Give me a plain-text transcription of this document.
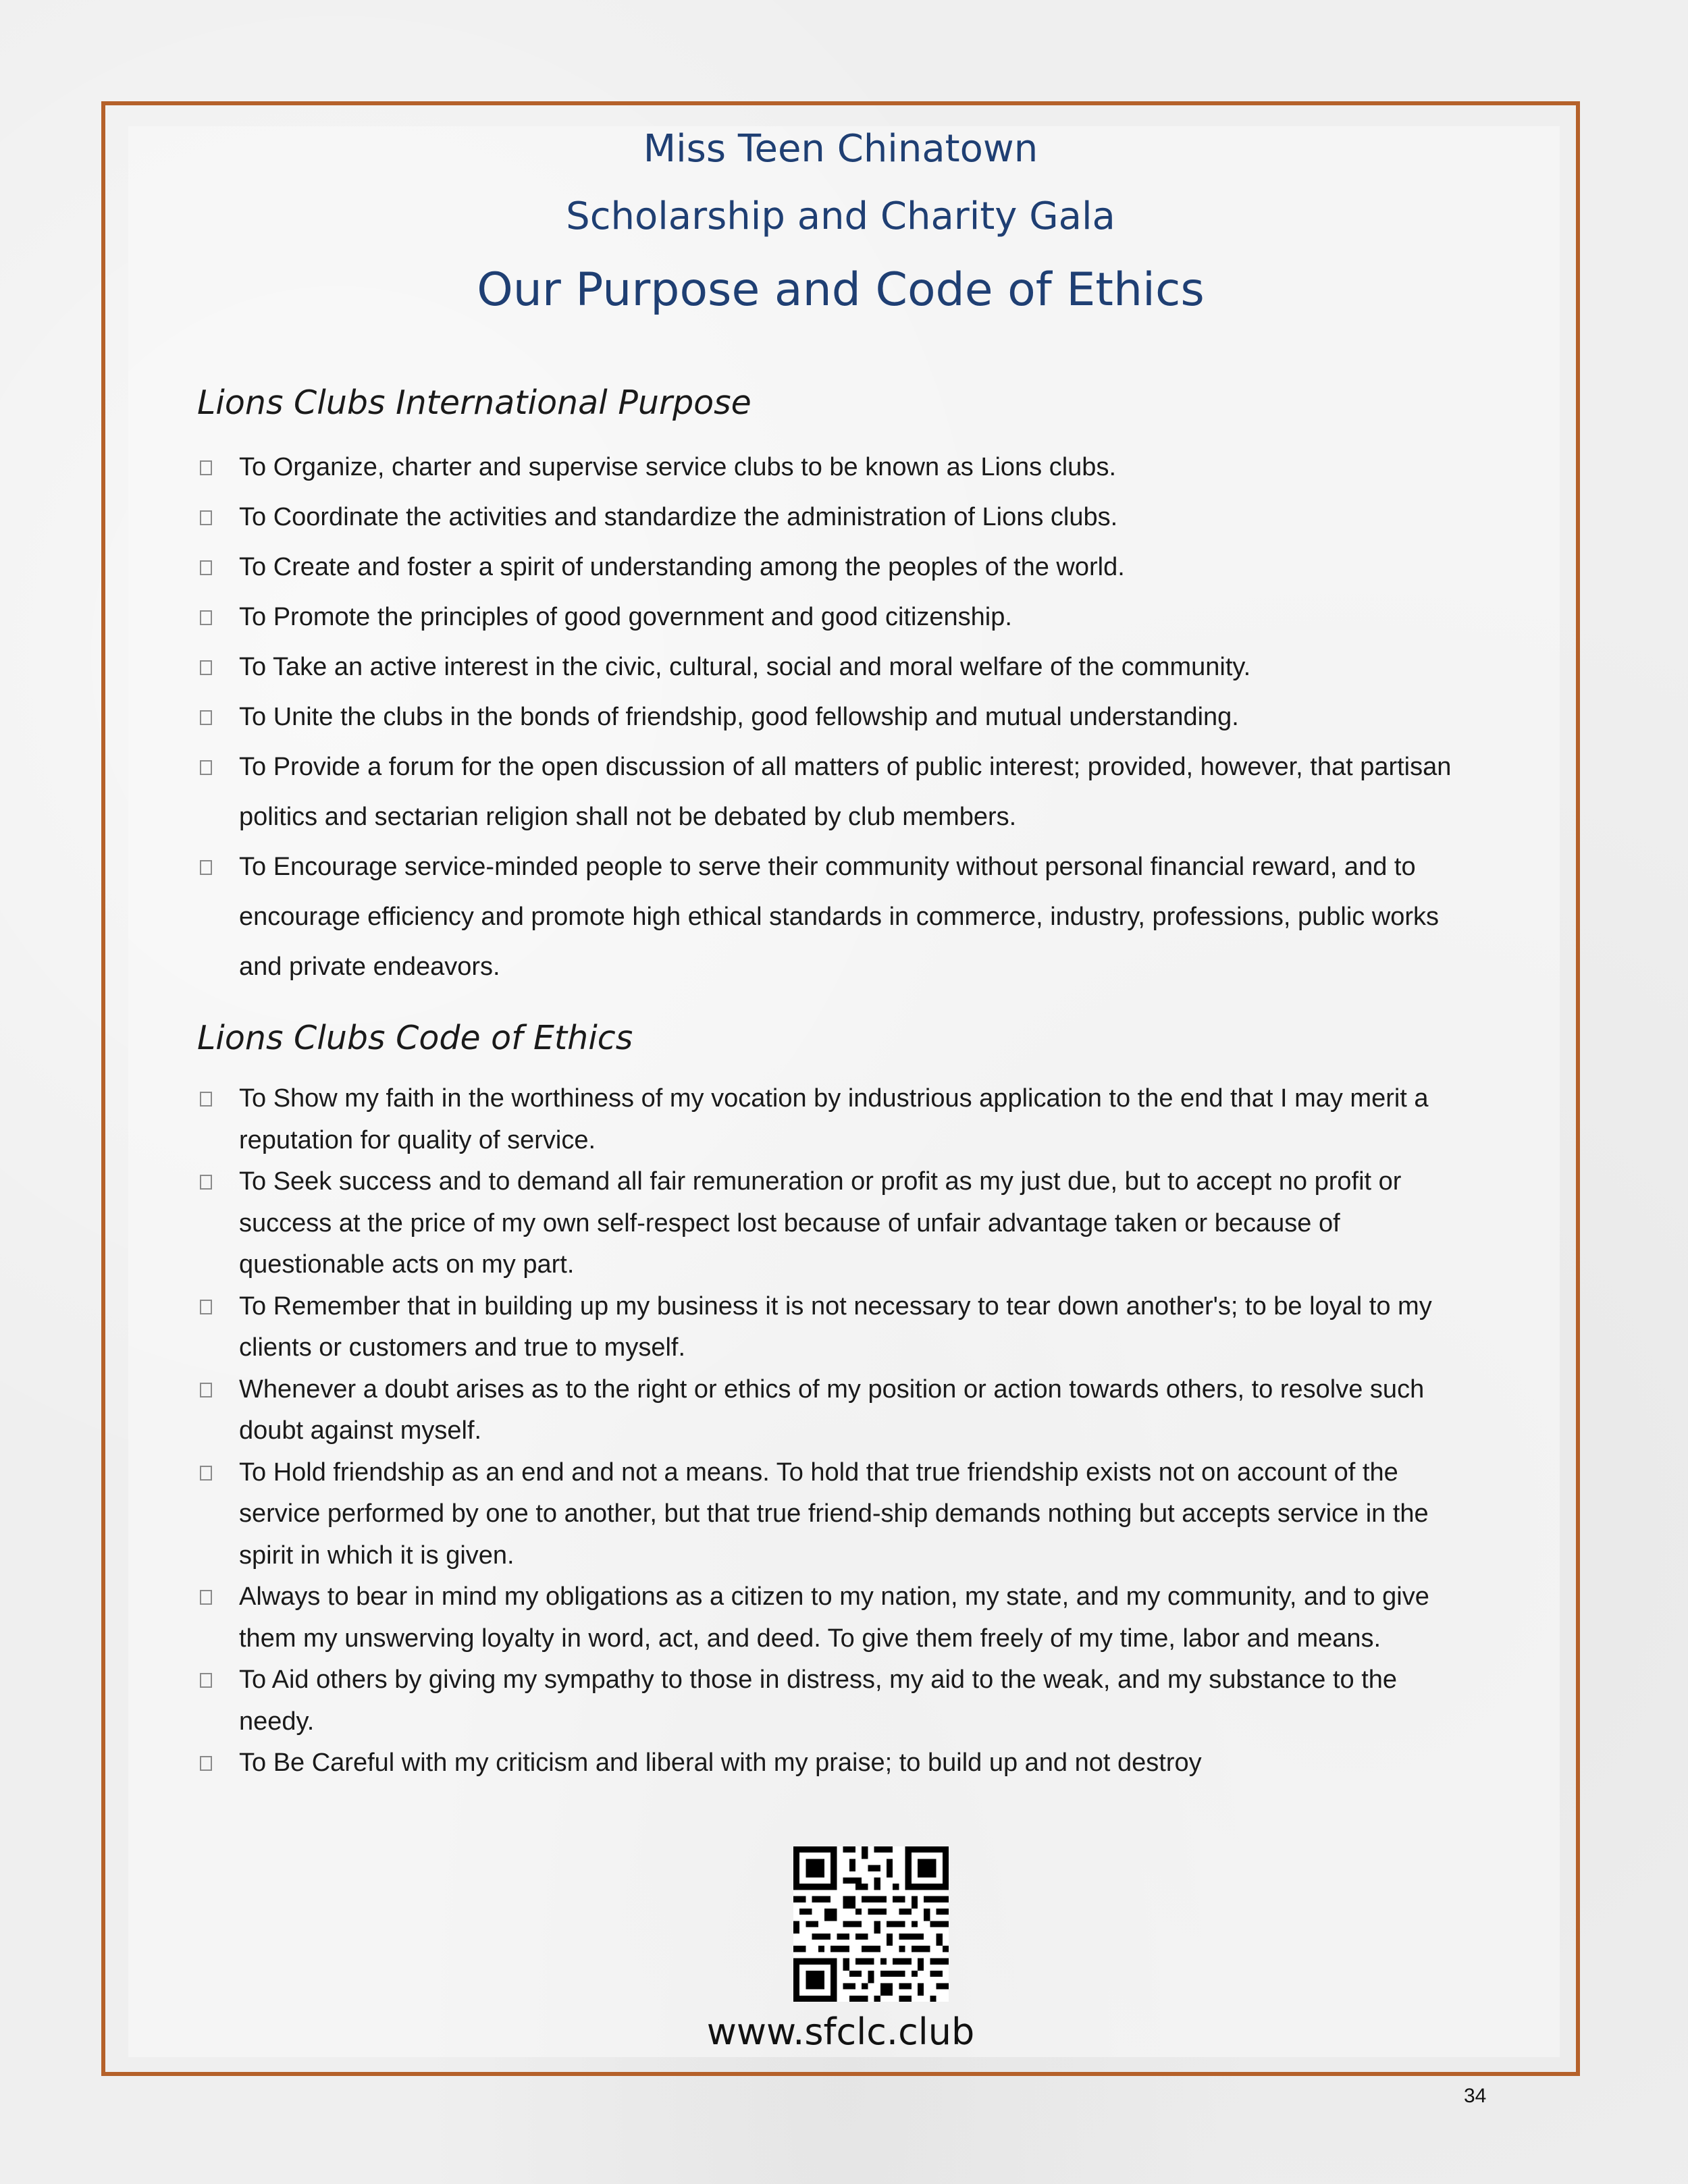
Miss Teen Chinatown
Scholarship and Charity Gala
Our Purpose and Code of Ethics
Lions Clubs International Purpose
To Organize, charter and supervise service clubs to be known as Lions clubs.
To Coordinate the activities and standardize the administration of Lions clubs.
To Create and foster a spirit of understanding among the peoples of the world.
To Promote the principles of good government and good citizenship.
To Take an active interest in the civic, cultural, social and moral welfare of the community.
To Unite the clubs in the bonds of friendship, good fellowship and mutual understanding.
To Provide a forum for the open discussion of all matters of public interest; provided, however, that partisan politics and sectarian religion shall not be debated by club members.
To Encourage service-minded people to serve their community without personal financial reward, and to encourage efficiency and promote high ethical standards in commerce, industry, professions, public works and private endeavors.
Lions Clubs Code of Ethics
To Show my faith in the worthiness of my vocation by industrious application to the end that I may merit a reputation for quality of service.
To Seek success and to demand all fair remuneration or profit as my just due, but to accept no profit or success at the price of my own self-respect lost because of unfair advantage taken or because of questionable acts on my part.
To Remember that in building up my business it is not necessary to tear down another's; to be loyal to my clients or customers and true to myself.
Whenever a doubt arises as to the right or ethics of my position or action towards others, to resolve such doubt against myself.
To Hold friendship as an end and not a means. To hold that true friendship exists not on account of the service performed by one to another, but that true friend-ship demands nothing but accepts service in the spirit in which it is given.
Always to bear in mind my obligations as a citizen to my nation, my state, and my community, and to give them my unswerving loyalty in word, act, and deed. To give them freely of my time, labor and means.
To Aid others by giving my sympathy to those in distress, my aid to the weak, and my substance to the needy.
To Be Careful with my criticism and liberal with my praise; to build up and not destroy
www.sfclc.club
34
